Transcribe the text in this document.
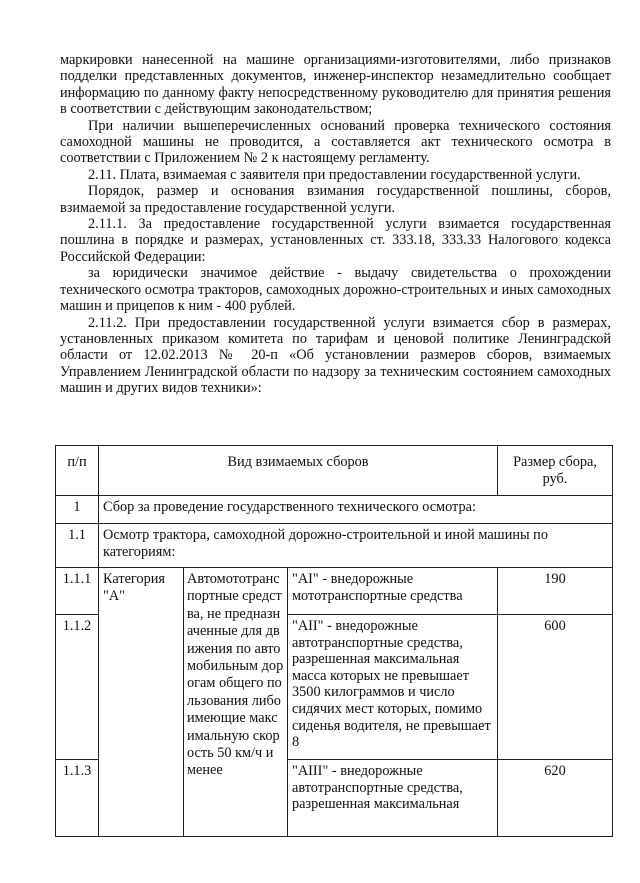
маркировки нанесенной на машине организациями-изготовителями, либо признаков подделки представленных документов, инженер-инспектор незамедлительно сообщает информацию по данному факту непосредственному руководителю для принятия решения в соответствии с действующим законодательством;

При наличии вышеперечисленных оснований проверка технического состояния самоходной машины не проводится, а составляется акт технического осмотра в соответствии с Приложением № 2 к настоящему регламенту.

2.11. Плата, взимаемая с заявителя при предоставлении государственной услуги.

Порядок, размер и основания взимания государственной пошлины, сборов, взимаемой за предоставление государственной услуги.

2.11.1. За предоставление государственной услуги взимается государственная пошлина в порядке и размерах, установленных ст. 333.18, 333.33 Налогового кодекса Российской Федерации:

за юридически значимое действие - выдачу свидетельства о прохождении технического осмотра тракторов, самоходных дорожно-строительных и иных самоходных машин и прицепов к ним - 400 рублей.

2.11.2. При предоставлении государственной услуги взимается сбор в размерах, установленных приказом комитета по тарифам и ценовой политике Ленинградской области от 12.02.2013 № 20-п «Об установлении размеров сборов, взимаемых Управлением Ленинградской области по надзору за техническим состоянием самоходных машин и других видов техники»:

п/п	Вид взимаемых сборов			Размер сбора, руб.
1	Сбор за проведение государственного технического осмотра:			
1.1	Осмотр трактора, самоходной дорожно-строительной и иной машины по категориям:			
1.1.1	Категория "A"	Автомототранспортные средства, не предназначенные для движения по автомобильным дорогам общего пользования либо имеющие максимальную скорость 50 км/ч и менее	"AI" - внедорожные мототранспортные средства	190
1.1.2			"AII" - внедорожные автотранспортные средства, разрешенная максимальная масса которых не превышает 3500 килограммов и число сидячих мест которых, помимо сиденья водителя, не превышает 8	600
1.1.3			"AIII" - внедорожные автотранспортные средства, разрешенная максимальная	620
